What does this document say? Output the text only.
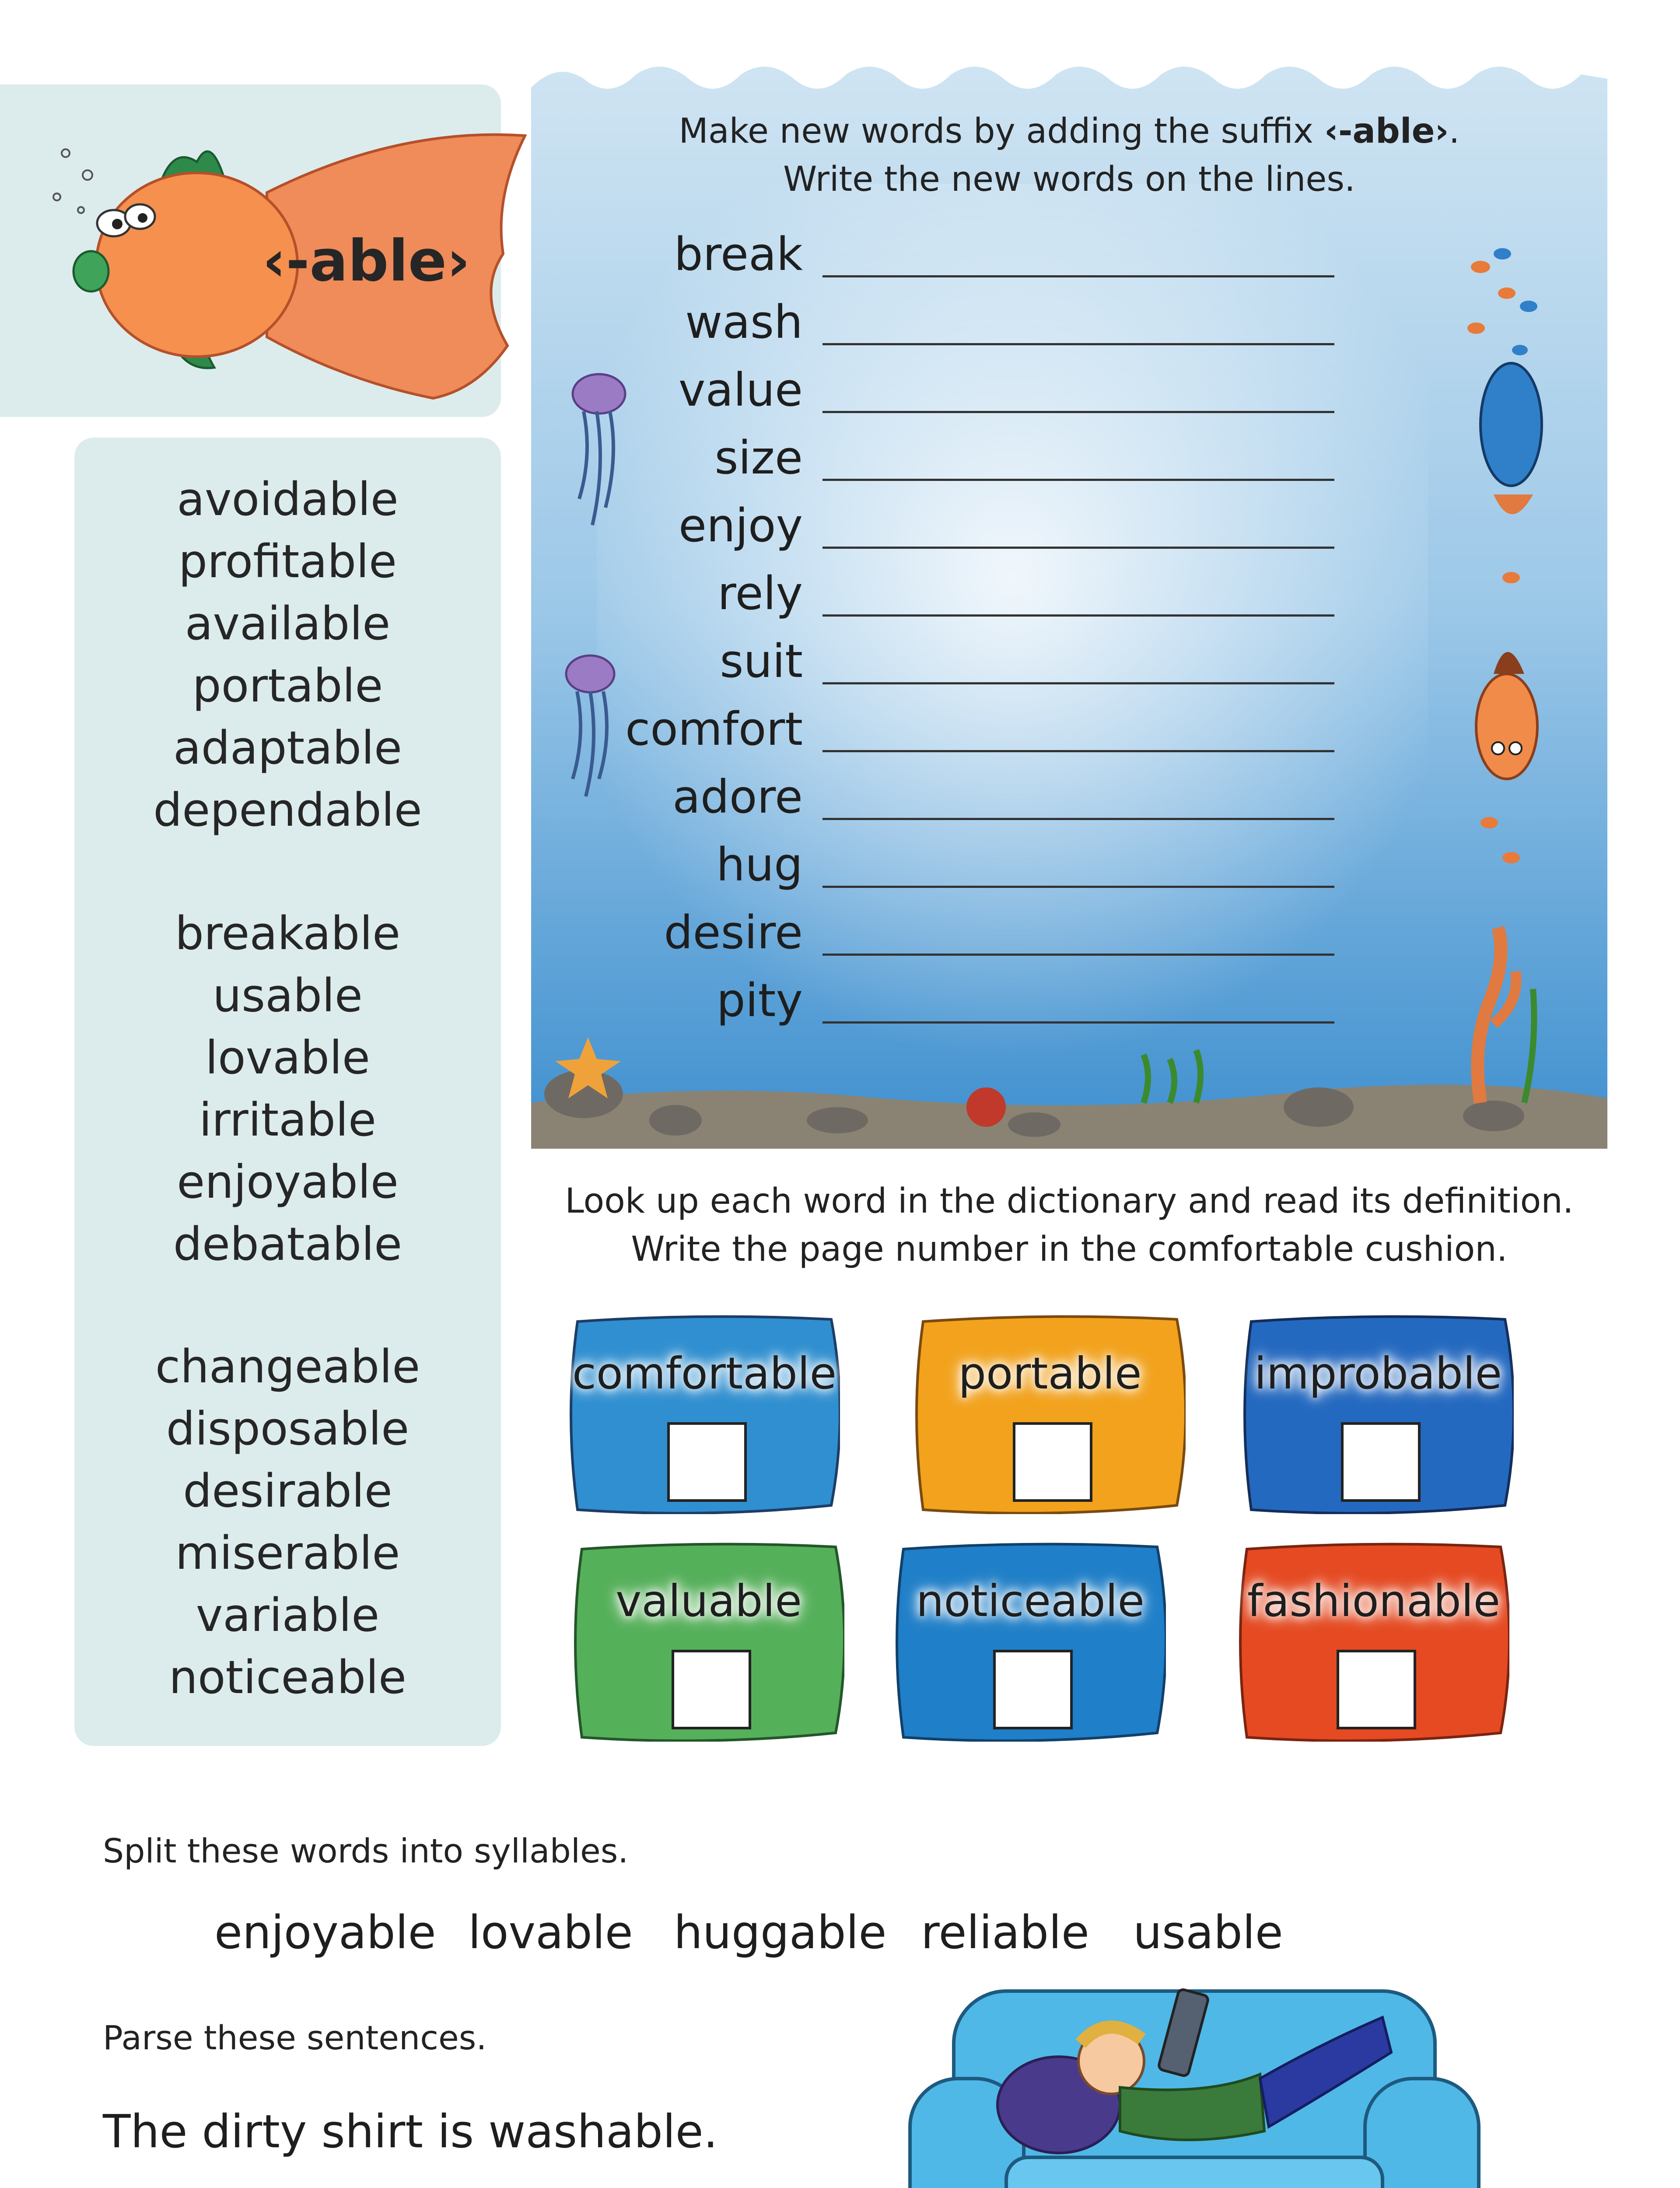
‹-able›
avoidable
profitable
available
portable
adaptable
dependable
breakable
usable
lovable
irritable
enjoyable
debatable
changeable
disposable
desirable
miserable
variable
noticeable
Make new words by adding the suffix ‹-able›.
Write the new words on the lines.
break
wash
value
size
enjoy
rely
suit
comfort
adore
hug
desire
pity
Look up each word in the dictionary and read its definition.
Write the page number in the comfortable cushion.
comfortable	portable	improbable
valuable	noticeable	fashionable
Split these words into syllables.
enjoyable lovable huggable reliable usable
Parse these sentences.
The dirty shirt is washable.
